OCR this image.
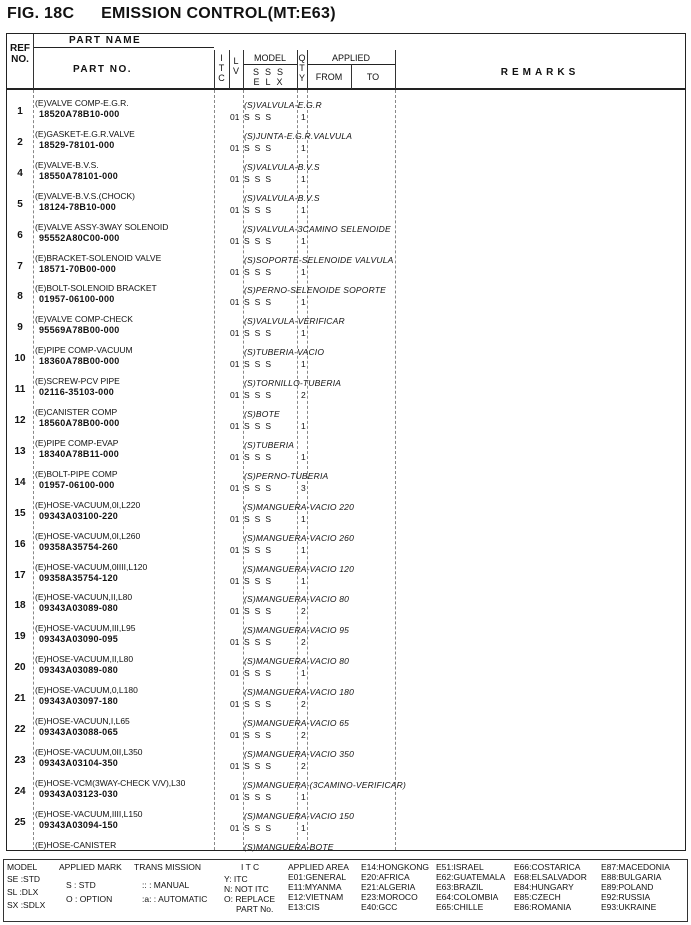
FIG. 18C EMISSION CONTROL(MT:E63)
REF
NO.
PART NAME
PART NO.
I
T
C
L
V
MODEL
SSS
ELX
Q
T
Y
APPLIED
FROM	TO	REMARKS
1
(E)VALVE COMP-E.G.R.
18520A78B10-000
(S)VALVULA-E.G.R
01 SSS	1
2
(E)GASKET-E.G.R.VALVE
18529-78101-000
(S)JUNTA-E.G.R.VALVULA
01 SSS	1
4
(E)VALVE-B.V.S.
18550A78101-000
(S)VALVULA-B.V.S
01 SSS	1
5
(E)VALVE-B.V.S.(CHOCK)
18124-78B10-000
(S)VALVULA-B.V.S
01 SSS	1
6
(E)VALVE ASSY-3WAY SOLENOID
95552A80C00-000
(S)VALVULA-3CAMINO SELENOIDE
01 SSS	1
7
(E)BRACKET-SOLENOID VALVE
18571-70B00-000
(S)SOPORTE-SELENOIDE VALVULA
01 SSS	1
8
(E)BOLT-SOLENOID BRACKET
01957-06100-000
(S)PERNO-SELENOIDE SOPORTE
01 SSS	1
9
(E)VALVE COMP-CHECK
95569A78B00-000
(S)VALVULA-VERIFICAR
01 SSS	1
10
(E)PIPE COMP-VACUUM
18360A78B00-000
(S)TUBERIA-VACIO
01 SSS	1
11
(E)SCREW-PCV PIPE
02116-35103-000
(S)TORNILLO-TUBERIA
01 SSS	2
12
(E)CANISTER COMP
18560A78B00-000
(S)BOTE
01 SSS	1
13
(E)PIPE COMP-EVAP
18340A78B11-000
(S)TUBERIA
01 SSS	1
14
(E)BOLT-PIPE COMP
01957-06100-000
(S)PERNO-TUBERIA
01 SSS	3
15
(E)HOSE-VACUUM,0I,L220
09343A03100-220
(S)MANGUERA-VACIO 220
01 SSS	1
16
(E)HOSE-VACUUM,0I,L260
09358A35754-260
(S)MANGUERA-VACIO 260
01 SSS	1
17
(E)HOSE-VACUUM,0IIII,L120
09358A35754-120
(S)MANGUERA-VACIO 120
01 SSS	1
18
(E)HOSE-VACUUN,II,L80
09343A03089-080
(S)MANGUERA-VACIO 80
01 SSS	2
19
(E)HOSE-VACUUM,III,L95
09343A03090-095
(S)MANGUERA-VACIO 95
01 SSS	2
20
(E)HOSE-VACUUM,II,L80
09343A03089-080
(S)MANGUERA-VACIO 80
01 SSS	1
21
(E)HOSE-VACUUM,0,L180
09343A03097-180
(S)MANGUERA-VACIO 180
01 SSS	2
22
(E)HOSE-VACUUN,I,L65
09343A03088-065
(S)MANGUERA-VACIO 65
01 SSS	2
23
(E)HOSE-VACUUM,0II,L350
09343A03104-350
(S)MANGUERA-VACIO 350
01 SSS	2
24
(E)HOSE-VCM(3WAY-CHECK V/V),L30
09343A03123-030
(S)MANGUERA-(3CAMINO-VERIFICAR)
01 SSS	1
25
(E)HOSE-VACUUM,IIII,L150
09343A03094-150
(S)MANGUERA-VACIO 150
01 SSS	1
(E)HOSE-CANISTER	(S)MANGUERA-BOTE
MODEL	APPLIED MARK TRANS MISSION	I T C	APPLIED AREA
SE :STD
SL :DLX
SX :SDLX
S : STD
O : OPTION
:: : MANUAL
:a: : AUTOMATIC
Y: ITC
N: NOT ITC
O: REPLACE
PART No.
E01:GENERAL
E11:MYANMA
E12:VIETNAM
E13:CIS
E14:HONGKONG
E20:AFRICA
E21:ALGERIA
E23:MOROCO
E40:GCC
E51:ISRAEL
E62:GUATEMALA
E63:BRAZIL
E64:COLOMBIA
E65:CHILLE
E66:COSTARICA
E68:ELSALVADOR
E84:HUNGARY
E85:CZECH
E86:ROMANIA
E87:MACEDONIA
E88:BULGARIA
E89:POLAND
E92:RUSSIA
E93:UKRAINE
